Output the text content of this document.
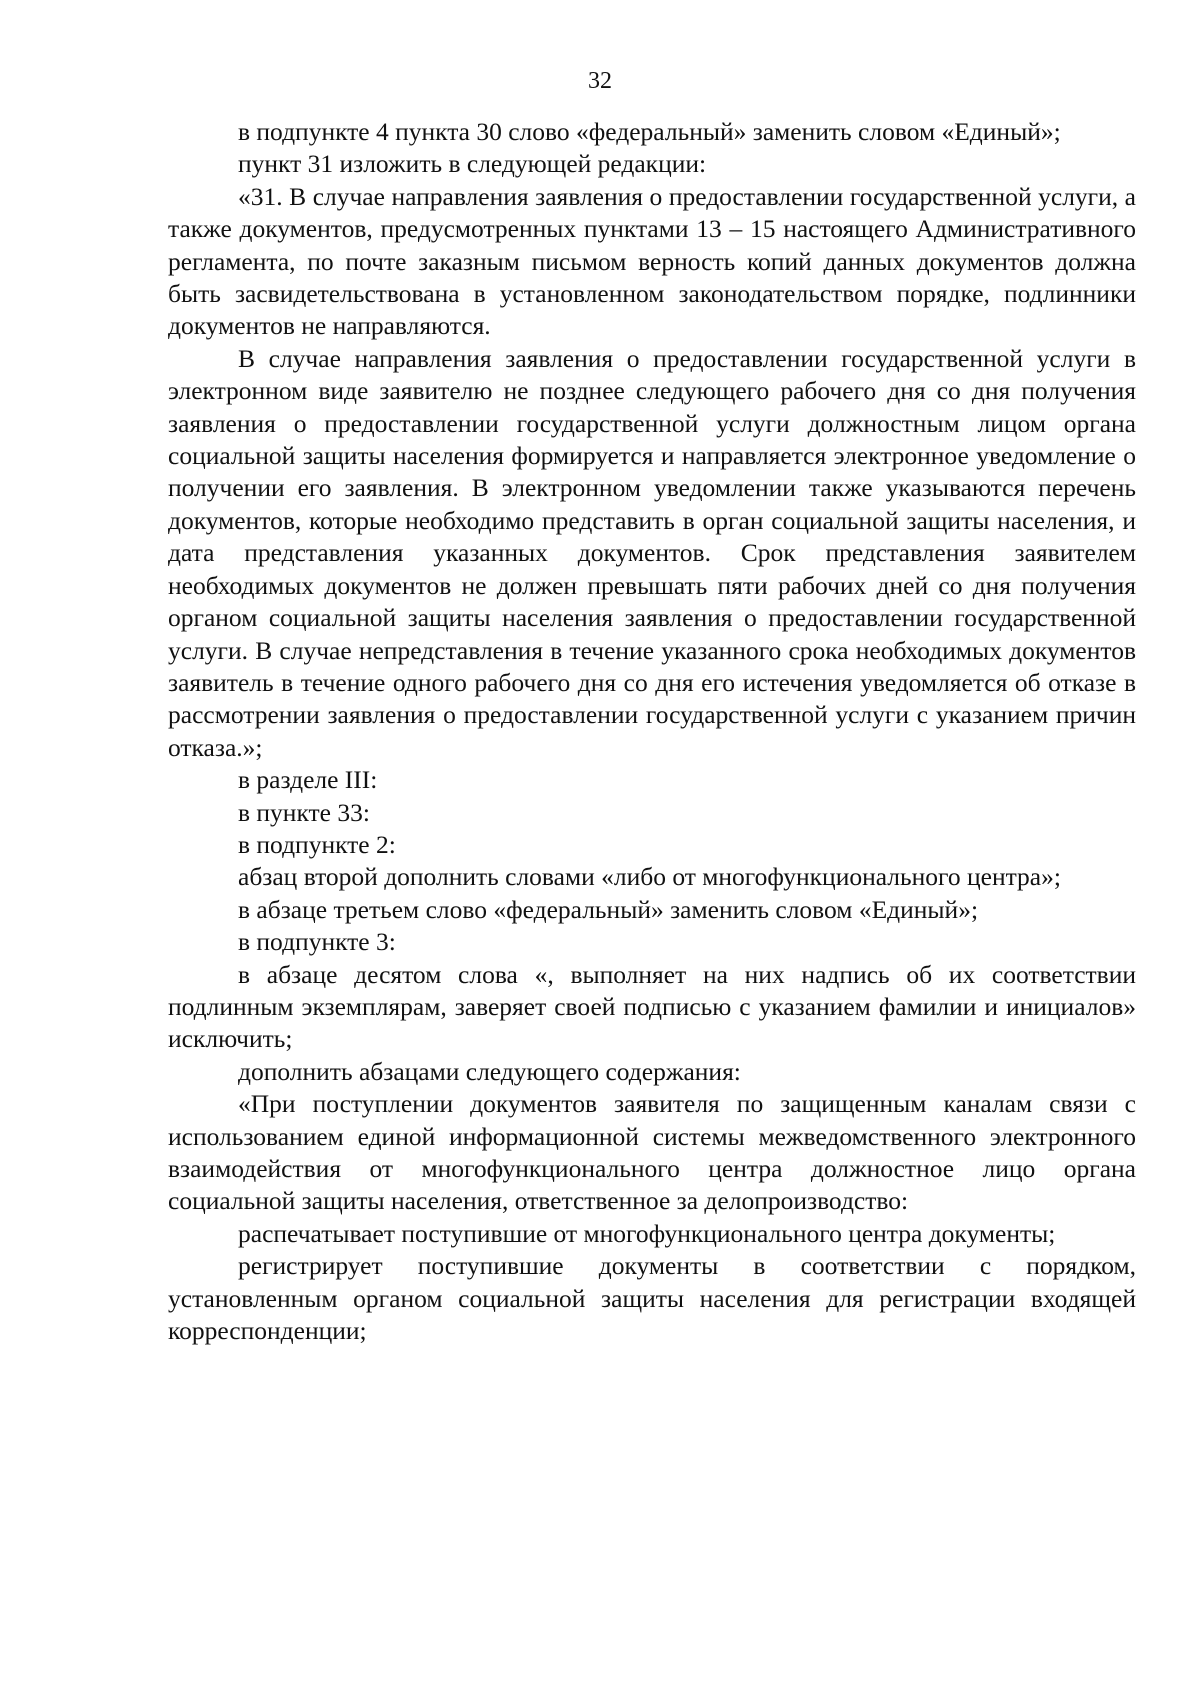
32

в подпункте 4 пункта 30 слово «федеральный» заменить словом «Единый»;

пункт 31 изложить в следующей редакции:

«31. В случае направления заявления о предоставлении государственной услуги, а также документов, предусмотренных пунктами 13 – 15 настоящего Административного регламента, по почте заказным письмом верность копий данных документов должна быть засвидетельствована в установленном законодательством порядке, подлинники документов не направляются.

В случае направления заявления о предоставлении государственной услуги в электронном виде заявителю не позднее следующего рабочего дня со дня получения заявления о предоставлении государственной услуги должностным лицом органа социальной защиты населения формируется и направляется электронное уведомление о получении его заявления. В электронном уведомлении также указываются перечень документов, которые необходимо представить в орган социальной защиты населения, и дата представления указанных документов. Срок представления заявителем необходимых документов не должен превышать пяти рабочих дней со дня получения органом социальной защиты населения заявления о предоставлении государственной услуги. В случае непредставления в течение указанного срока необходимых документов заявитель в течение одного рабочего дня со дня его истечения уведомляется об отказе в рассмотрении заявления о предоставлении государственной услуги с указанием причин отказа.»;

в разделе III:

в пункте 33:

в подпункте 2:

абзац второй дополнить словами «либо от многофункционального центра»;

в абзаце третьем слово «федеральный» заменить словом «Единый»;

в подпункте 3:

в абзаце десятом слова «, выполняет на них надпись об их соответствии подлинным экземплярам, заверяет своей подписью с указанием фамилии и инициалов» исключить;

дополнить абзацами следующего содержания:

«При поступлении документов заявителя по защищенным каналам связи с использованием единой информационной системы межведомственного электронного взаимодействия от многофункционального центра должностное лицо органа социальной защиты населения, ответственное за делопроизводство:

распечатывает поступившие от многофункционального центра документы;

регистрирует поступившие документы в соответствии с порядком, установленным органом социальной защиты населения для регистрации входящей корреспонденции;
